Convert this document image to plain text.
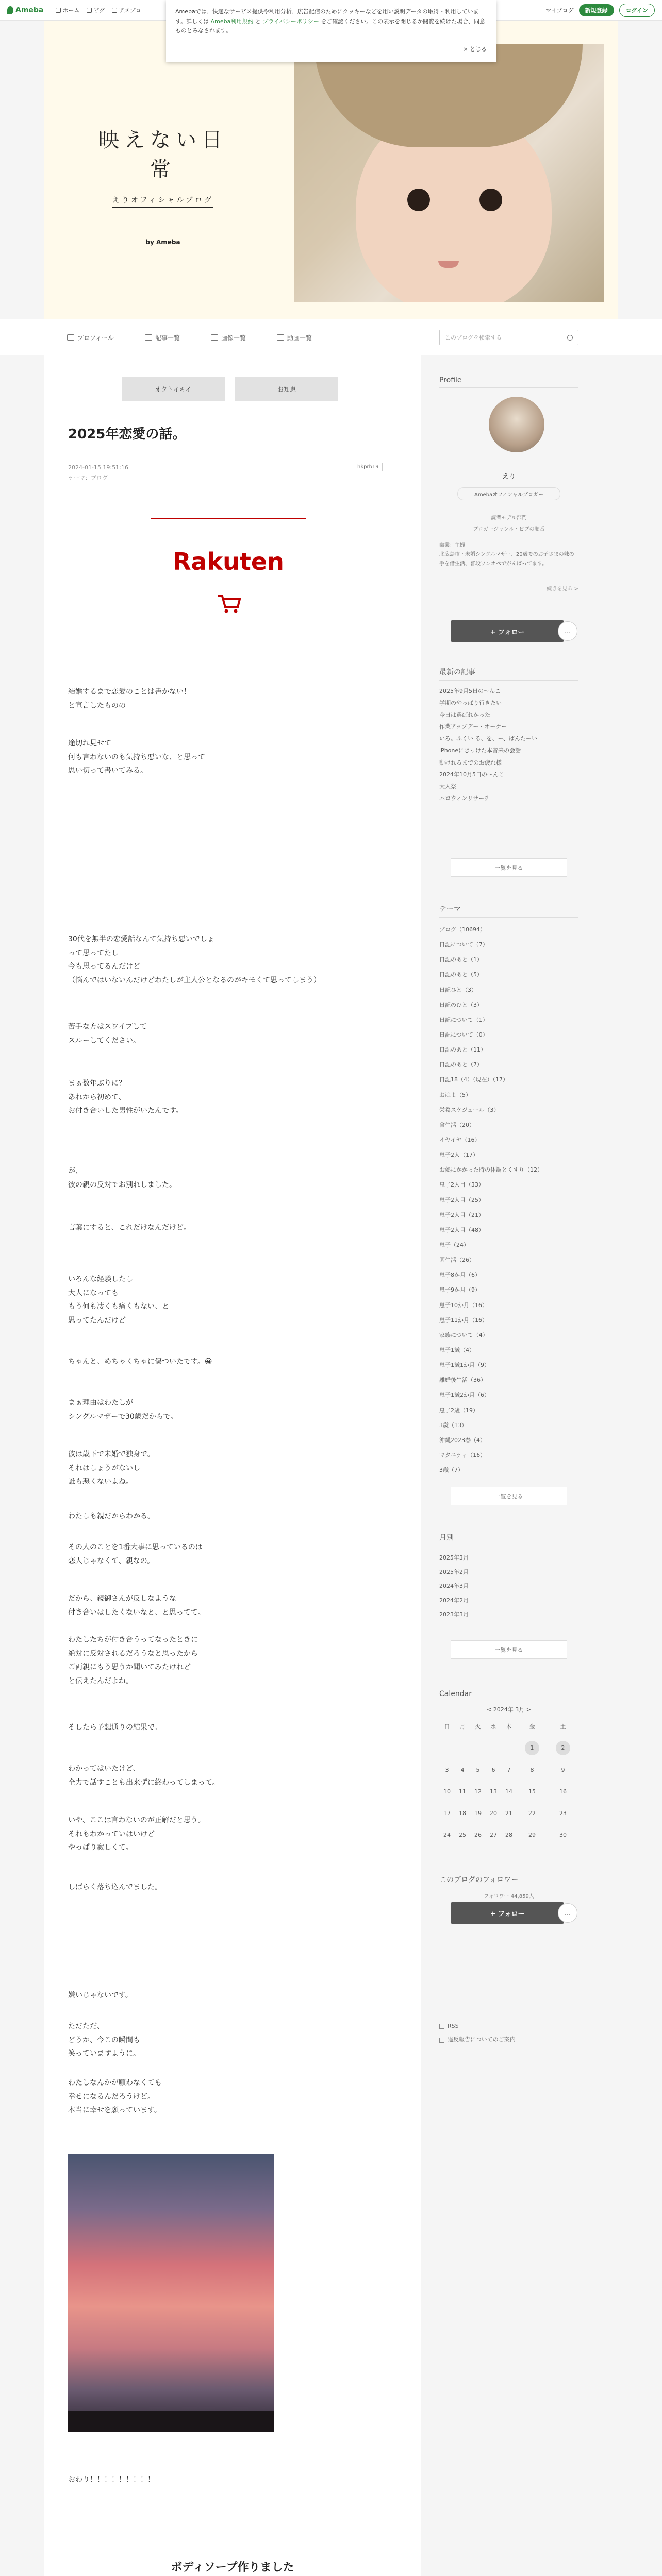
Ameba	ホーム ピグ アメブロ	マイブログ	新規登録	ログイン
Amebaでは、快適なサービス提供や利用分析、広告配信のためにクッキーなどを用い説明データの取得・利用しています。詳しくは Ameba利用規約 と プライバシーポリシー をご確認ください。この表示を閉じるか閲覧を続けた場合、同意ものとみなされます。
× とじる
映えない日常
えりオフィシャルブログ
by Ameba
プロフィール	記事一覧	画像一覧	動画一覧	このブログを検索する
オクトイキイ	お知恵
2025年恋愛の話。
2024-01-15 19:51:16
テーマ：ブログ
hkprb19
Rakuten
結婚するまで恋愛のことは書かない！
と宣言したものの
途切れ見せて
何も言わないのも気持ち悪いな、と思って
思い切って書いてみる。
30代を無半の恋愛話なんて気持ち悪いでしょ
って思ってたし
今も思ってるんだけど
（悩んではいないんだけどわたしが主人公となるのがキモくて思ってしまう）
苦手な方はスワイプして
スルーしてください。
まぁ数年ぶりに？
あれから初めて、
お付き合いした男性がいたんです。
が、
彼の親の反対でお別れしました。
言葉にすると、これだけなんだけど。
いろんな経験したし
大人になっても
もう何も凄くも痛くもない、と
思ってたんだけど
ちゃんと、めちゃくちゃに傷ついたです。😀
まぁ理由はわたしが
シングルマザーで30歳だからで。
彼は歳下で未婚で独身で。
それはしょうがないし
誰も悪くないよね。
わたしも親だからわかる。
その人のことを1番大事に思っているのは
恋人じゃなくて、親なの。
だから、親御さんが反しなような
付き合いはしたくないなと、と思ってて。
わたしたちが付き合うってなったときに
絶対に反対されるだろうなと思ったから
ご両親にもう思うか聞いてみたけれど
と伝えたんだよね。
そしたら予想通りの結果で。
わかってはいたけど、
全力で話すことも出来ずに終わってしまって。
いや、ここは言わないのが正解だと思う。
それもわかっていはいけど
やっぱり寂しくて。
しばらく落ち込んでました。
Profile
えり
Amebaオフィシャルブロガー
読者モデル部門
ブロガージャンル・ビブの順番
職業：主婦
北広島市・未婚シングルマザー、20歳でのお子さまの妹の手を借生活、普段ワンオペでがんばってます。
続きを見る >
+ フォロー	…
最新の記事
2025年9月5日の〜んこ
学期のやっぱり行きたい
今日は選ばれかった
作業アップデー・オーケー
いろ。ふくい る、を、ー、ばんたーい
iPhoneにきっけた本音来の会話
動けれるまでのお疲れ様
2024年10月5日の〜んこ
大人祭
ハロウィンリサーチ
一覧を見る
テーマ
ブログ（10694）
日記について（7）
日記のあと（1）
日記のあと（5）
日記ひと（3）
日記のひと（3）
日記について（1）
日記について（0）
日記のあと（11）
日記のあと（7）
日記18（4）（現在）（17）
おはよ（5）
栄養スケジュール（3）
食生活（20）
イヤイヤ（16）
息子2人（17）
お熱にかかった時の体調とくすり（12）
息子2人目（33）
息子2人目（25）
息子2人目（21）
息子2人目（48）
息子（24）
園生活（26）
息子8か月（6）
息子9か月（9）
息子10か月（16）
息子11か月（16）
家族について（4）
息子1歳（4）
息子1歳1か月（9）
離婚後生活（36）
息子1歳2か月（6）
息子2歳（19）
3歳（13）
沖縄2023春（4）
マタニティ（16）
3歳（7）
一覧を見る
月別
2025年3月
2025年2月
2024年3月
2024年2月
2023年3月
一覧を見る
Calendar
< 2024年 3月 >
日	月	火	水	木	金	土
					1	2
3	4	5	6	7	8	9
10	11	12	13	14	15	16
17	18	19	20	21	22	23
24	25	26	27	28	29	30
このブログのフォロワー
フォロワー 44,859人
+ フォロー	…
嫌いじゃないです。
ただただ、
どうか、今この瞬間も
笑っていますように。
わたしなんかが願わなくても
幸せになるんだろうけど。
本当に幸せを願っています。
おわり！！！！！！！！！
ボディソープ作りました
RSS
違反報告についてのご案内
